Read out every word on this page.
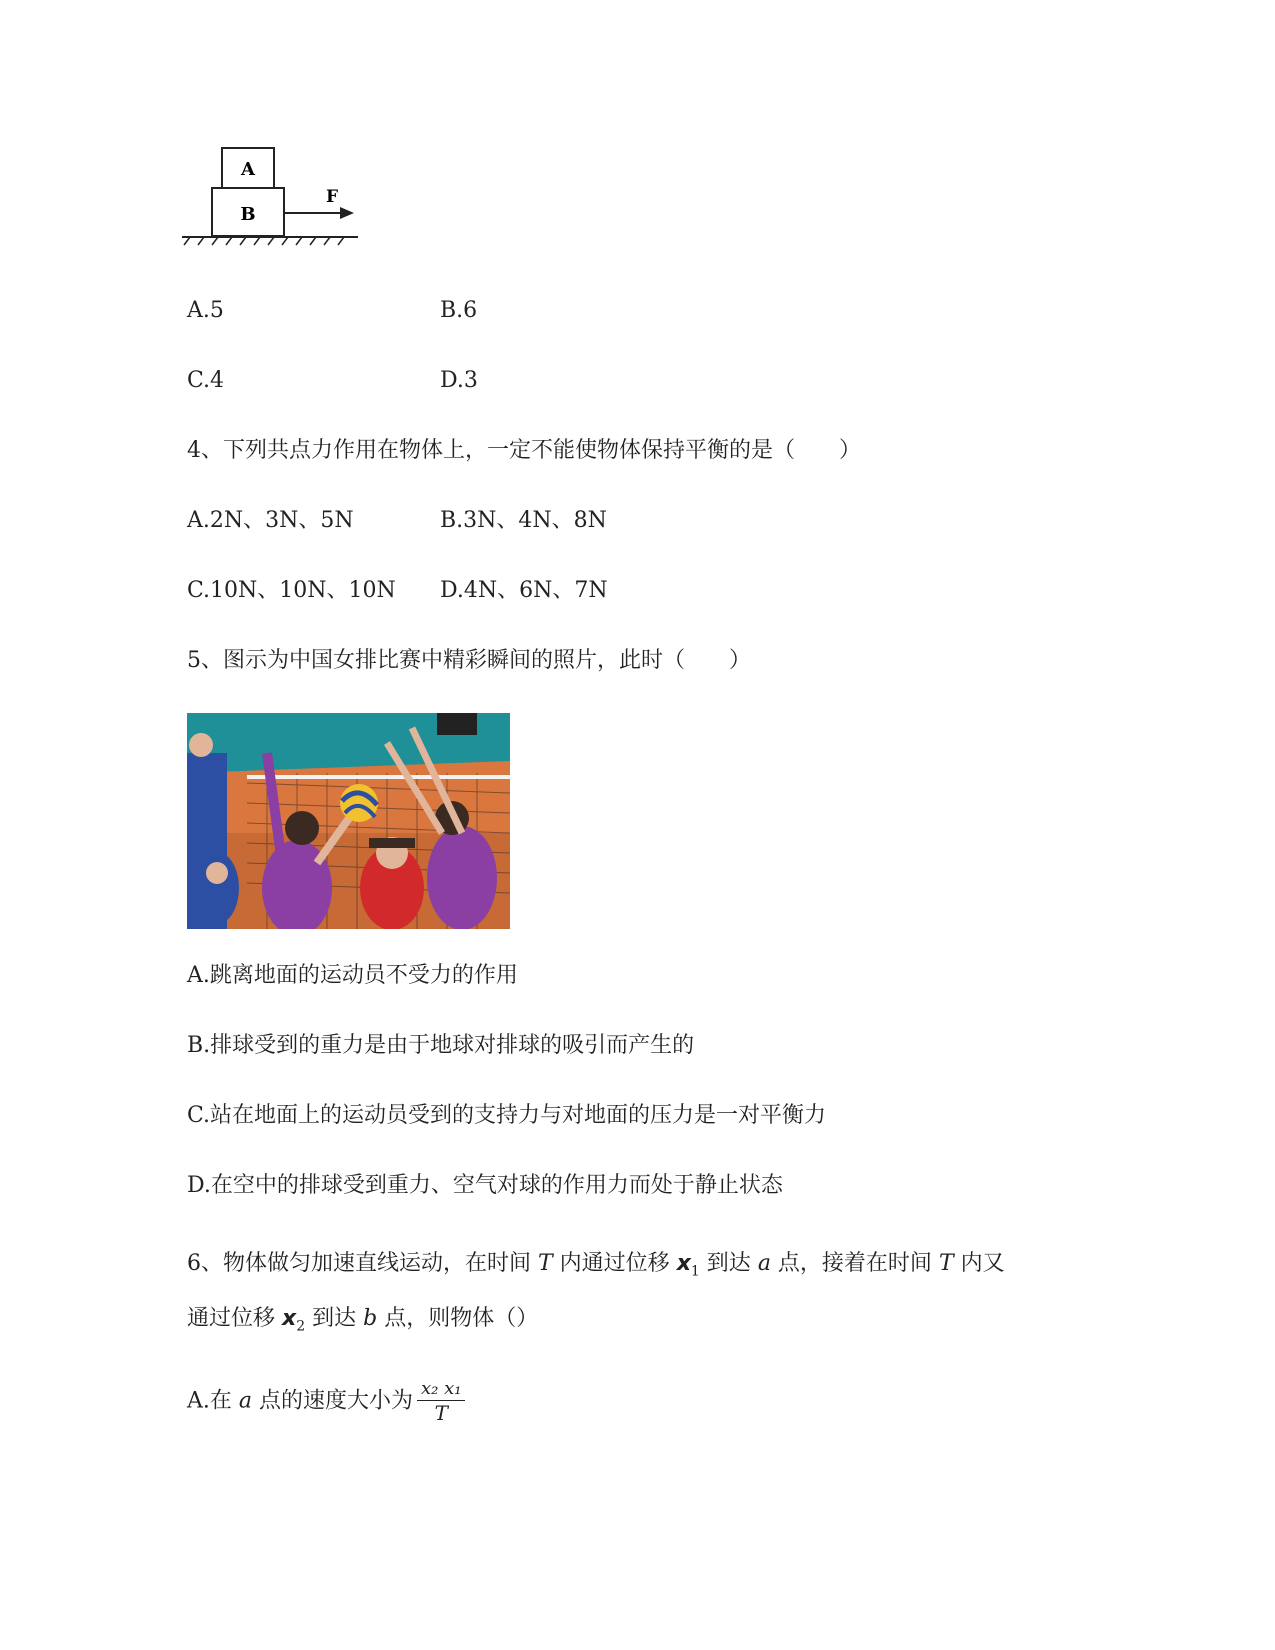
A
B
F
A.5	B.6
C.4	D.3
4、下列共点力作用在物体上，一定不能使物体保持平衡的是（　　）
A.2N、3N、5N	B.3N、4N、8N
C.10N、10N、10N D.4N、6N、7N
5、图示为中国女排比赛中精彩瞬间的照片，此时（　　）
A.跳离地面的运动员不受力的作用
B.排球受到的重力是由于地球对排球的吸引而产生的
C.站在地面上的运动员受到的支持力与对地面的压力是一对平衡力
D.在空中的排球受到重力、空气对球的作用力而处于静止状态
6、物体做匀加速直线运动，在时间 T 内通过位移 $x_1$ 到达 a 点，接着在时间 T 内又
通过位移 $x_2$ 到达 b 点，则物体（）
A.在 a 点的速度大小为 $\frac{\text{x₂ x₁}}{T}$
